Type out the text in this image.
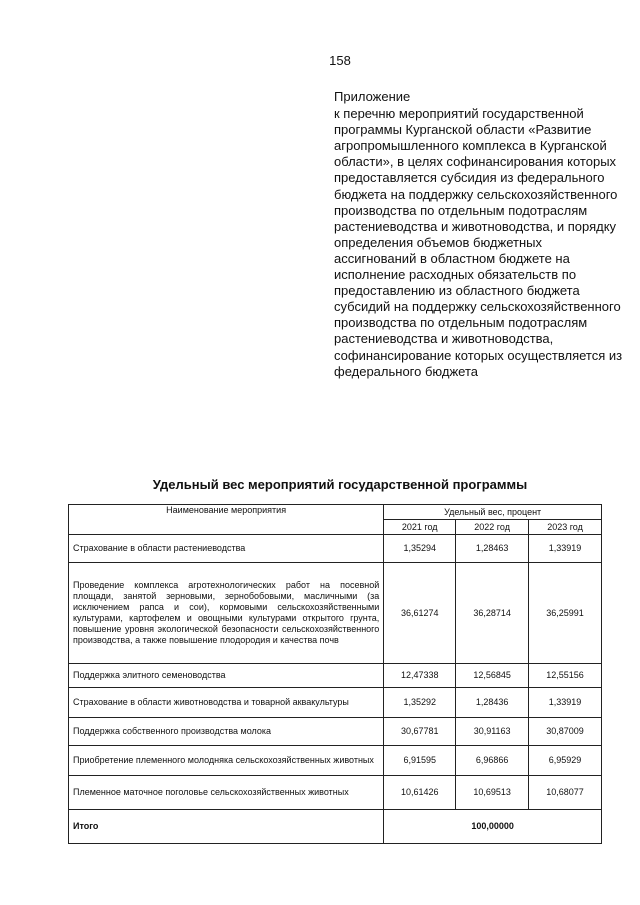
158
Приложение
к перечню мероприятий государственной программы Курганской области «Развитие агропромышленного комплекса в Курганской области», в целях софинансирования которых предоставляется субсидия из федерального бюджета на поддержку сельскохозяйственного производства по отдельным подотраслям растениеводства и животноводства, и порядку определения объемов бюджетных ассигнований в областном бюджете на исполнение расходных обязательств по предоставлению из областного бюджета субсидий на поддержку сельскохозяйственного производства по отдельным подотраслям растениеводства и животноводства, софинансирование которых осуществляется из федерального бюджета
Удельный вес мероприятий государственной программы
Наименование мероприятия	Удельный вес, процент		
	2021 год	2022 год	2023 год
Страхование в области растениеводства	1,35294	1,28463	1,33919
Проведение комплекса агротехнологических работ на посевной площади, занятой зерновыми, зернобобовыми, масличными (за исключением рапса и сои), кормовыми сельскохозяйственными культурами, картофелем и овощными культурами открытого грунта, повышение уровня экологической безопасности сельскохозяйственного производства, а также повышение плодородия и качества почв	36,61274	36,28714	36,25991
Поддержка элитного семеноводства	12,47338	12,56845	12,55156
Страхование в области животноводства и товарной аквакультуры	1,35292	1,28436	1,33919
Поддержка собственного производства молока	30,67781	30,91163	30,87009
Приобретение племенного молодняка сельскохозяйственных животных	6,91595	6,96866	6,95929
Племенное маточное поголовье сельскохозяйственных животных	10,61426	10,69513	10,68077
Итого	100,00000		
